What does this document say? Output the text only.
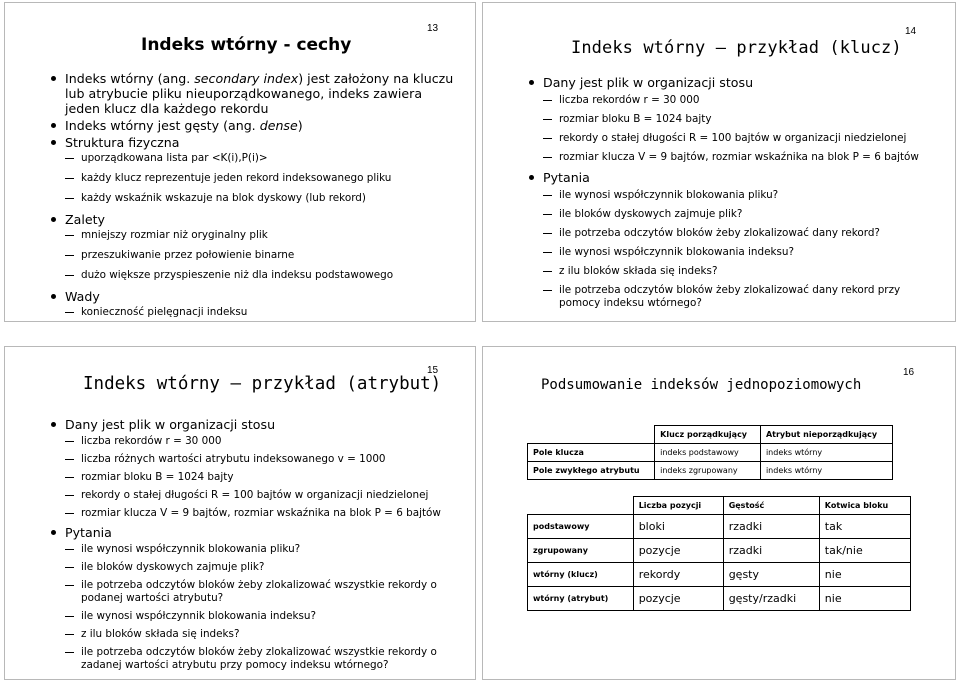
13
Indeks wtórny - cechy
Indeks wtórny (ang. secondary index) jest założony na kluczu lub atrybucie pliku nieuporządkowanego, indeks zawiera jeden klucz dla każdego rekordu
Indeks wtórny jest gęsty (ang. dense)
Struktura fizyczna
uporządkowana lista par <K(i),P(i)>
każdy klucz reprezentuje jeden rekord indeksowanego pliku
każdy wskaźnik wskazuje na blok dyskowy (lub rekord)
Zalety
mniejszy rozmiar niż oryginalny plik
przeszukiwanie przez połowienie binarne
dużo większe przyspieszenie niż dla indeksu podstawowego
Wady
konieczność pielęgnacji indeksu
14
Indeks wtórny — przykład (klucz)
Dany jest plik w organizacji stosu
liczba rekordów r = 30 000
rozmiar bloku B = 1024 bajty
rekordy o stałej długości R = 100 bajtów w organizacji niedzielonej
rozmiar klucza V = 9 bajtów, rozmiar wskaźnika na blok P = 6 bajtów
Pytania
ile wynosi współczynnik blokowania pliku?
ile bloków dyskowych zajmuje plik?
ile potrzeba odczytów bloków żeby zlokalizować dany rekord?
ile wynosi współczynnik blokowania indeksu?
z ilu bloków składa się indeks?
ile potrzeba odczytów bloków żeby zlokalizować dany rekord przy pomocy indeksu wtórnego?
15
Indeks wtórny — przykład (atrybut)
Dany jest plik w organizacji stosu
liczba rekordów r = 30 000
liczba różnych wartości atrybutu indeksowanego v = 1000
rozmiar bloku B = 1024 bajty
rekordy o stałej długości R = 100 bajtów w organizacji niedzielonej
rozmiar klucza V = 9 bajtów, rozmiar wskaźnika na blok P = 6 bajtów
Pytania
ile wynosi współczynnik blokowania pliku?
ile bloków dyskowych zajmuje plik?
ile potrzeba odczytów bloków żeby zlokalizować wszystkie rekordy o podanej wartości atrybutu?
ile wynosi współczynnik blokowania indeksu?
z ilu bloków składa się indeks?
ile potrzeba odczytów bloków żeby zlokalizować wszystkie rekordy o zadanej wartości atrybutu przy pomocy indeksu wtórnego?
16
Podsumowanie indeksów jednopoziomowych
	Klucz porządkujący	Atrybut nieporządkujący
Pole klucza	indeks podstawowy	indeks wtórny
Pole zwykłego atrybutu	indeks zgrupowany	indeks wtórny
	Liczba pozycji	Gęstość	Kotwica bloku
podstawowy	bloki	rzadki	tak
zgrupowany	pozycje	rzadki	tak/nie
wtórny (klucz)	rekordy	gęsty	nie
wtórny (atrybut)	pozycje	gęsty/rzadki	nie
